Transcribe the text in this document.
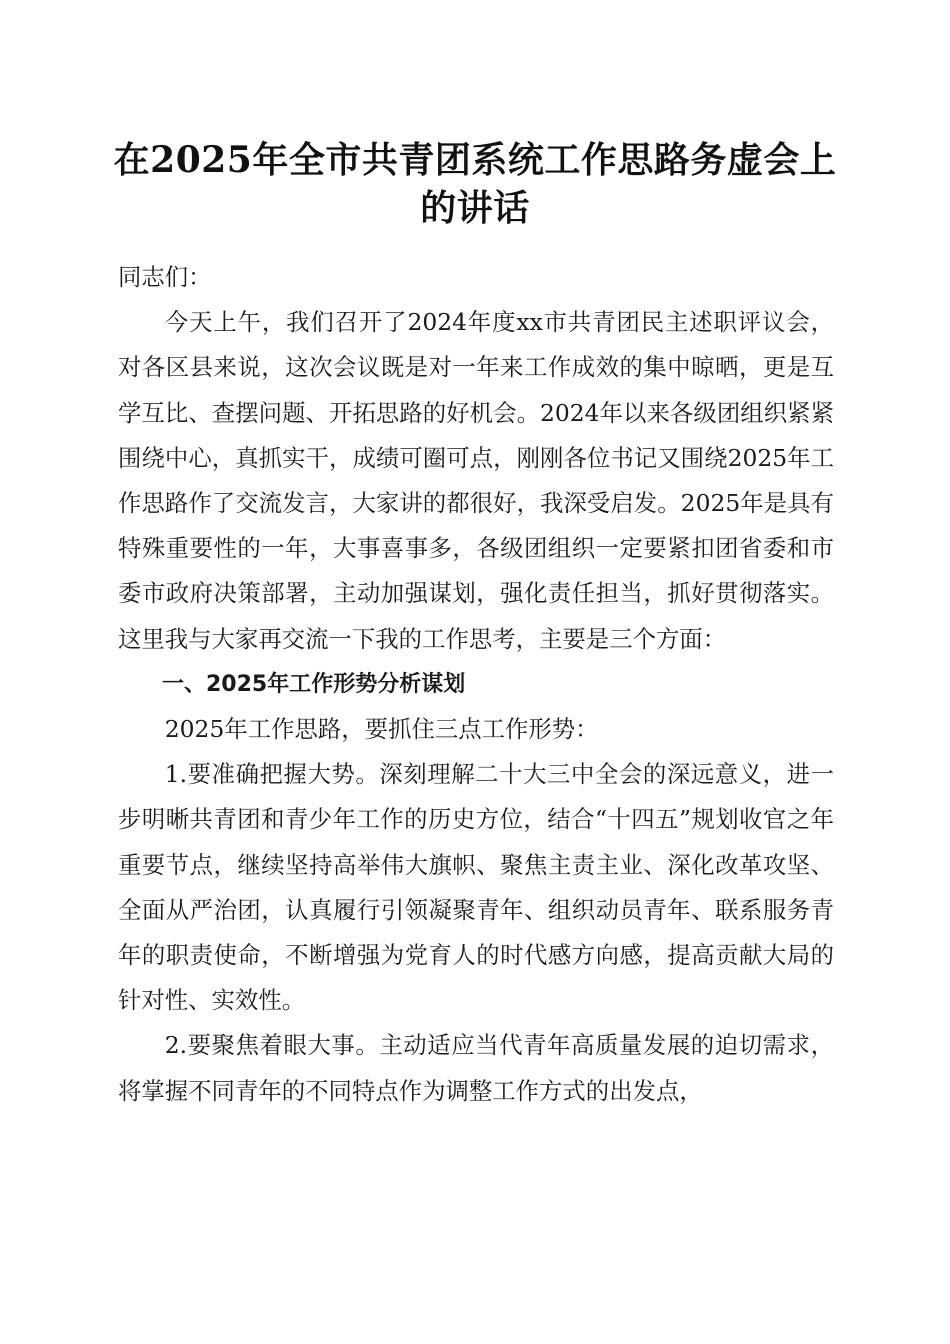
在2025年全市共青团系统工作思路务虚会上的讲话

同志们：

今天上午，我们召开了2024年度xx市共青团民主述职评议会，对各区县来说，这次会议既是对一年来工作成效的集中晾晒，更是互学互比、查摆问题、开拓思路的好机会。2024年以来各级团组织紧紧围绕中心，真抓实干，成绩可圈可点，刚刚各位书记又围绕2025年工作思路作了交流发言，大家讲的都很好，我深受启发。2025年是具有特殊重要性的一年，大事喜事多，各级团组织一定要紧扣团省委和市委市政府决策部署，主动加强谋划，强化责任担当，抓好贯彻落实。这里我与大家再交流一下我的工作思考，主要是三个方面：

一、2025年工作形势分析谋划

2025年工作思路，要抓住三点工作形势：

1.要准确把握大势。深刻理解二十大三中全会的深远意义，进一步明晰共青团和青少年工作的历史方位，结合“十四五”规划收官之年重要节点，继续坚持高举伟大旗帜、聚焦主责主业、深化改革攻坚、全面从严治团，认真履行引领凝聚青年、组织动员青年、联系服务青年的职责使命，不断增强为党育人的时代感方向感，提高贡献大局的针对性、实效性。

2.要聚焦着眼大事。主动适应当代青年高质量发展的迫切需求，将掌握不同青年的不同特点作为调整工作方式的出发点，
